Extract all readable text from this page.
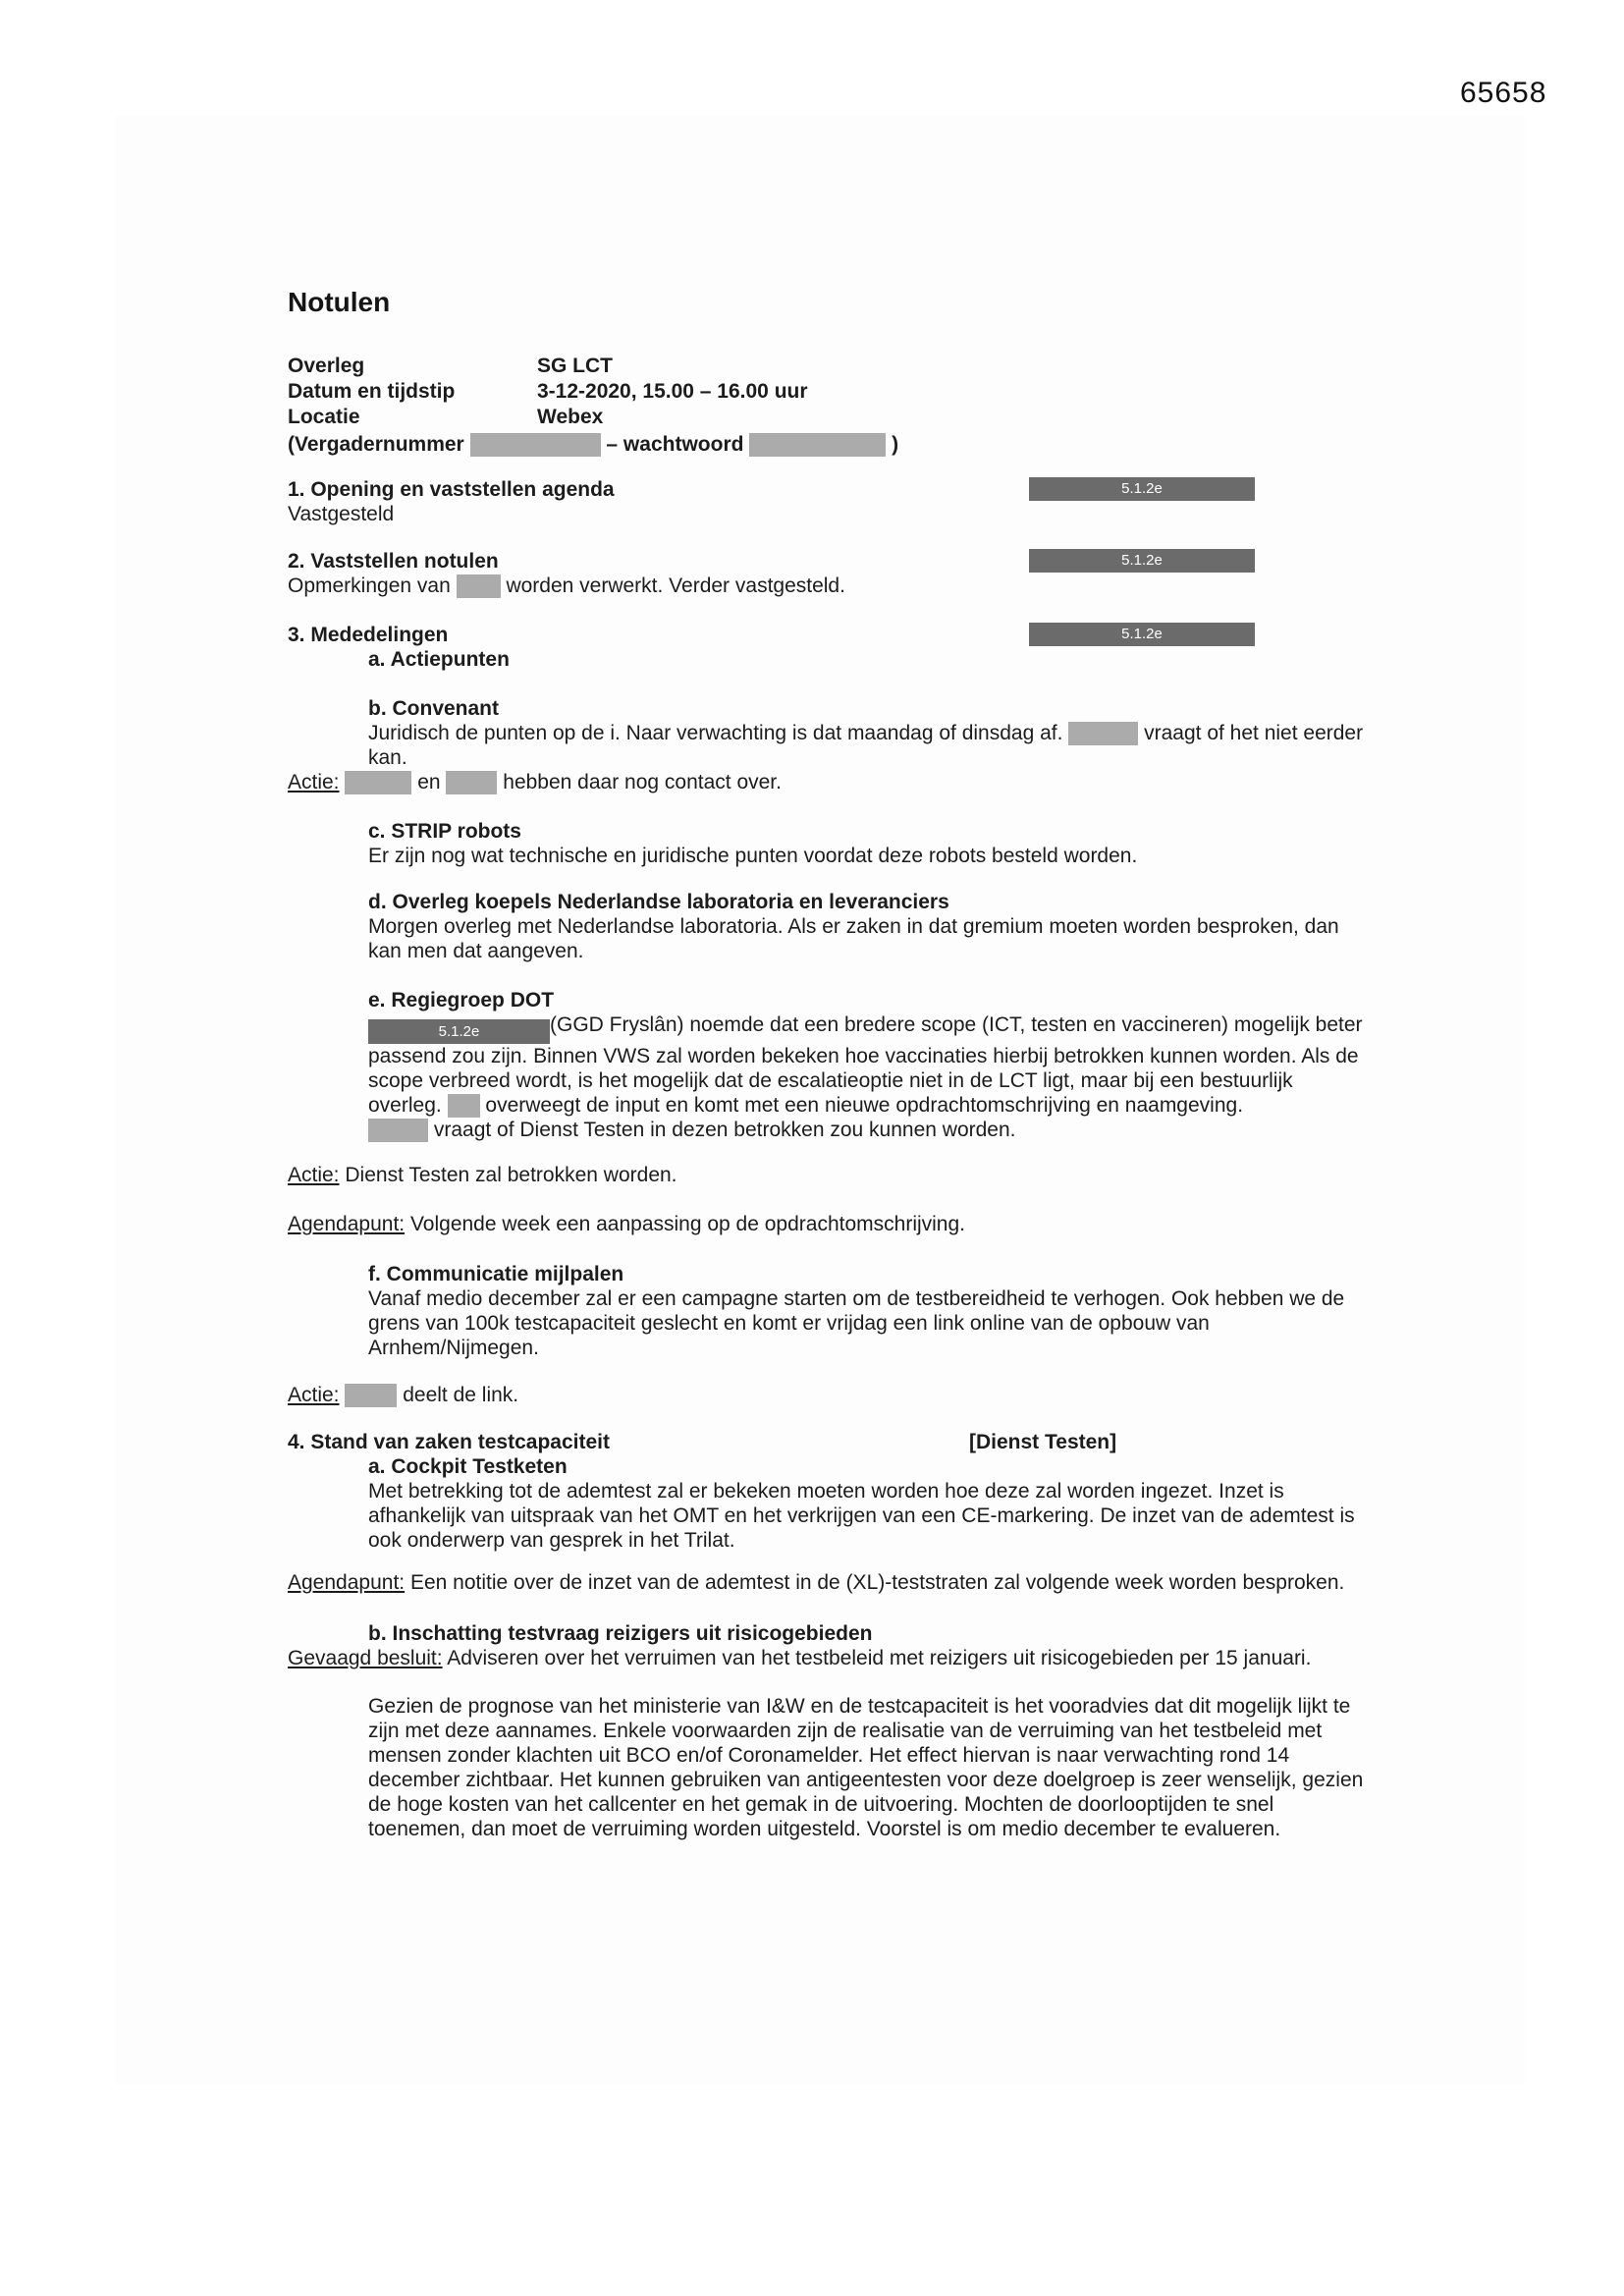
65658
Notulen
Overleg	SG LCT
Datum en tijdstip	3-12-2020, 15.00 – 16.00 uur
Locatie	Webex
(Vergadernummer	– wachtwoord	)
1. Opening en vaststellen agenda	5.1.2e

Vastgesteld

2. Vaststellen notulen	5.1.2e

Opmerkingen van	worden verwerkt. Verder vastgesteld.

3. Mededelingen	5.1.2e

a. Actiepunten

b. Convenant

Juridisch de punten op de i. Naar verwachting is dat maandag of dinsdag af.	vraagt of het niet eerder kan.

Actie:	en	hebben daar nog contact over.

c. STRIP robots

Er zijn nog wat technische en juridische punten voordat deze robots besteld worden.

d. Overleg koepels Nederlandse laboratoria en leveranciers

Morgen overleg met Nederlandse laboratoria. Als er zaken in dat gremium moeten worden besproken, dan kan men dat aangeven.

e. Regiegroep DOT

5.1.2e	(GGD Fryslân) noemde dat een bredere scope (ICT, testen en vaccineren) mogelijk beter passend zou zijn. Binnen VWS zal worden bekeken hoe vaccinaties hierbij betrokken kunnen worden. Als de scope verbreed wordt, is het mogelijk dat de escalatieoptie niet in de LCT ligt, maar bij een bestuurlijk overleg. overweegt de input en komt met een nieuwe opdrachtomschrijving en naamgeving.
vraagt of Dienst Testen in dezen betrokken zou kunnen worden.

Actie: Dienst Testen zal betrokken worden.

Agendapunt: Volgende week een aanpassing op de opdrachtomschrijving.

f. Communicatie mijlpalen

Vanaf medio december zal er een campagne starten om de testbereidheid te verhogen. Ook hebben we de grens van 100k testcapaciteit geslecht en komt er vrijdag een link online van de opbouw van Arnhem/Nijmegen.

Actie:	deelt de link.

4. Stand van zaken testcapaciteit	[Dienst Testen]

a. Cockpit Testketen

Met betrekking tot de ademtest zal er bekeken moeten worden hoe deze zal worden ingezet. Inzet is afhankelijk van uitspraak van het OMT en het verkrijgen van een CE-markering. De inzet van de ademtest is ook onderwerp van gesprek in het Trilat.

Agendapunt: Een notitie over de inzet van de ademtest in de (XL)-teststraten zal volgende week worden besproken.

b. Inschatting testvraag reizigers uit risicogebieden

Gevaagd besluit: Adviseren over het verruimen van het testbeleid met reizigers uit risicogebieden per 15 januari.

Gezien de prognose van het ministerie van I&W en de testcapaciteit is het vooradvies dat dit mogelijk lijkt te zijn met deze aannames. Enkele voorwaarden zijn de realisatie van de verruiming van het testbeleid met mensen zonder klachten uit BCO en/of Coronamelder. Het effect hiervan is naar verwachting rond 14 december zichtbaar. Het kunnen gebruiken van antigeentesten voor deze doelgroep is zeer wenselijk, gezien de hoge kosten van het callcenter en het gemak in de uitvoering. Mochten de doorlooptijden te snel toenemen, dan moet de verruiming worden uitgesteld. Voorstel is om medio december te evalueren.
